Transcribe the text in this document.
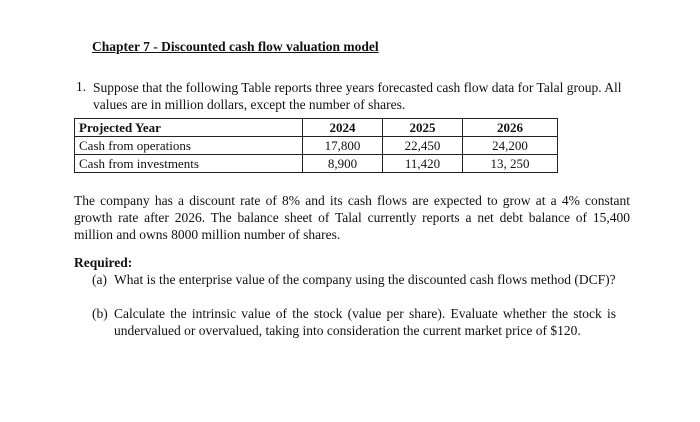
Chapter 7 - Discounted cash flow valuation model
1. Suppose that the following Table reports three years forecasted cash flow data for Talal group. All values are in million dollars, except the number of shares.
Projected Year	2024	2025	2026
Cash from operations	17,800	22,450	24,200
Cash from investments	8,900	11,420	13, 250
The company has a discount rate of 8% and its cash flows are expected to grow at a 4% constant growth rate after 2026. The balance sheet of Talal currently reports a net debt balance of 15,400 million and owns 8000 million number of shares.
Required:
(a) What is the enterprise value of the company using the discounted cash flows method (DCF)?
(b) Calculate the intrinsic value of the stock (value per share). Evaluate whether the stock is undervalued or overvalued, taking into consideration the current market price of $120.
